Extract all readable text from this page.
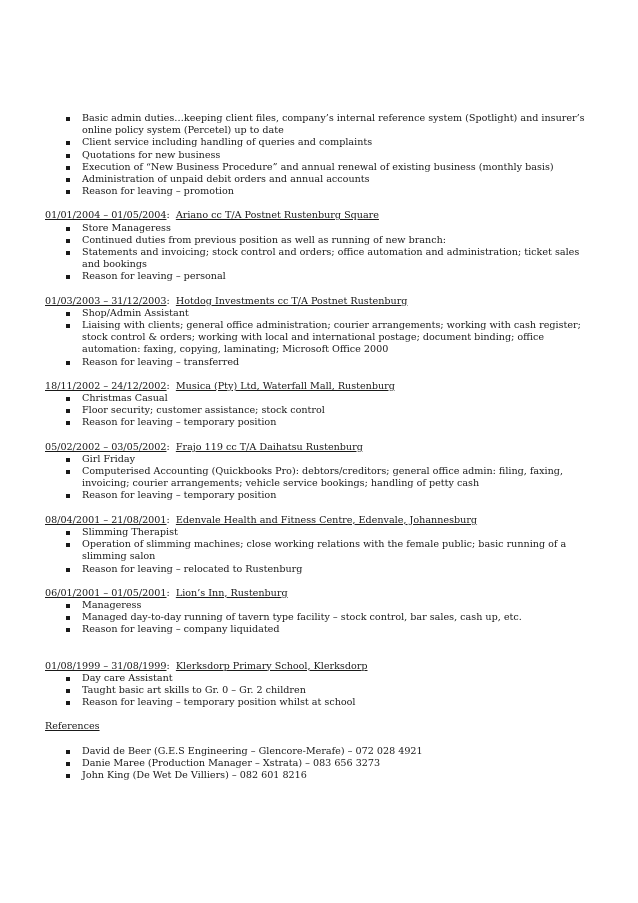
Basic admin duties…keeping client files, company’s internal reference system (Spotlight) and insurer’s online policy system (Percetel) up to date
Client service including handling of queries and complaints
Quotations for new business
Execution of “New Business Procedure” and annual renewal of existing business (monthly basis)
Administration of unpaid debit orders and annual accounts
Reason for leaving – promotion
01/01/2004 – 01/05/2004:  Ariano cc T/A Postnet Rustenburg Square
Store Manageress
Continued duties from previous position as well as running of new branch:
Statements and invoicing; stock control and orders; office automation and administration; ticket sales and bookings
Reason for leaving – personal
01/03/2003 – 31/12/2003:  Hotdog Investments cc T/A Postnet Rustenburg
Shop/Admin Assistant
Liaising with clients; general office administration; courier arrangements; working with cash register; stock control & orders; working with local and international postage; document binding; office automation: faxing, copying, laminating; Microsoft Office 2000
Reason for leaving – transferred
18/11/2002 – 24/12/2002:  Musica (Pty) Ltd, Waterfall Mall, Rustenburg
Christmas Casual
Floor security; customer assistance; stock control
Reason for leaving – temporary position
05/02/2002 – 03/05/2002:  Frajo 119 cc T/A Daihatsu Rustenburg
Girl Friday
Computerised Accounting (Quickbooks Pro): debtors/creditors; general office admin: filing, faxing, invoicing; courier arrangements; vehicle service bookings; handling of petty cash
Reason for leaving – temporary position
08/04/2001 – 21/08/2001:  Edenvale Health and Fitness Centre, Edenvale, Johannesburg
Slimming Therapist
Operation of slimming machines; close working relations with the female public; basic running of a slimming salon
Reason for leaving – relocated to Rustenburg
06/01/2001 – 01/05/2001:  Lion’s Inn, Rustenburg
Manageress
Managed day-to-day running of tavern type facility – stock control, bar sales, cash up, etc.
Reason for leaving – company liquidated
01/08/1999 – 31/08/1999:  Klerksdorp Primary School, Klerksdorp
Day care Assistant
Taught basic art skills to Gr. 0 – Gr. 2 children
Reason for leaving – temporary position whilst at school
References
David de Beer (G.E.S Engineering – Glencore-Merafe) – 072 028 4921
Danie Maree (Production Manager – Xstrata) – 083 656 3273
John King (De Wet De Villiers) – 082 601 8216
